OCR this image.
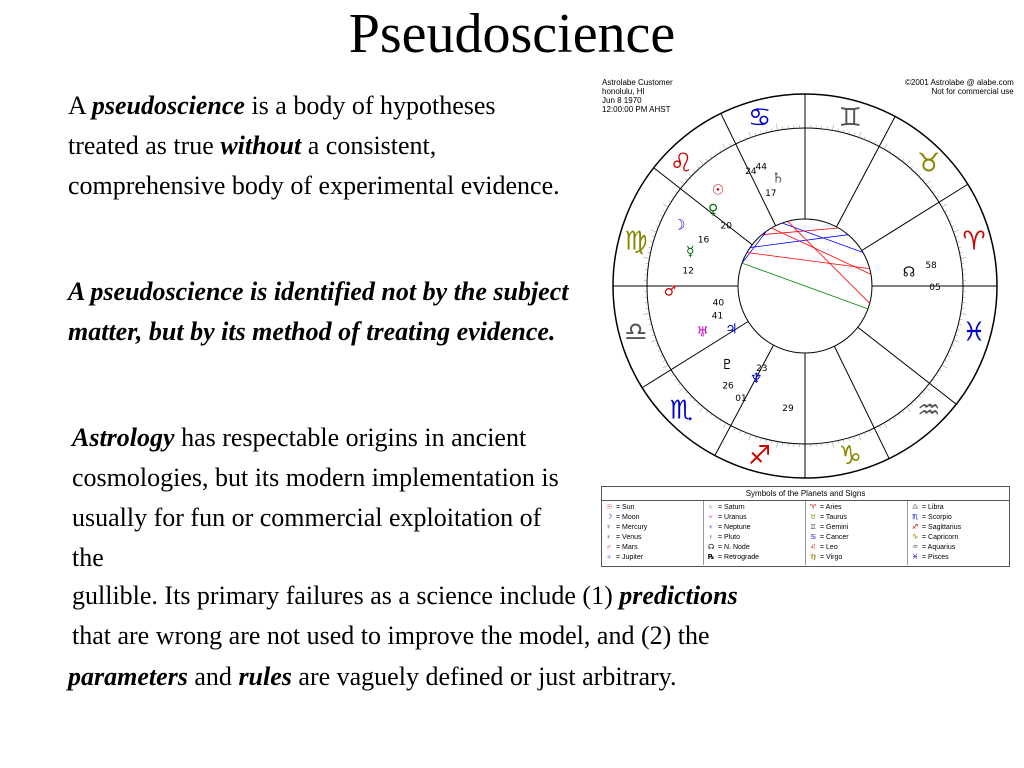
Pseudoscience

A pseudoscience is a body of hypotheses treated as true without a consistent, comprehensive body of experimental evidence.

A pseudoscience is identified not by the subject matter, but by its method of treating evidence.

Astrology has respectable origins in ancient cosmologies, but its modern implementation is usually for fun or commercial exploitation of the

gullible. Its primary failures as a science include (1) predictions
that are wrong are not used to improve the model, and (2) the

parameters and rules are vaguely defined or just arbitrary.

Astrolabe Customer
honolulu, HI
Jun 8 1970
12:00:00 PM AHST
©2001 Astrolabe @ alabe.com
Not for commercial use
♈
♉
♊
♋
♌
♍
♎
♏
♐	♑
♒
♓
☉
☽
☿
♀
♂
♃
♄
♅
♆
♇
☊
01
05
12
16
17
20
23
24
26
29
40
41
44
58
Symbols of the Planets and Signs
☉ = Sun
☽ = Moon
☿ = Mercury
♀ = Venus
♂ = Mars
♃ = Jupiter
♄ = Saturn
♅ = Uranus
♆ = Neptune
♇ = Pluto
☊ = N. Node
℞ = Retrograde
♈ = Aries
♉ = Taurus
♊ = Gemini
♋ = Cancer
♌ = Leo
♍ = Virgo
♎ = Libra
♏ = Scorpio
♐ = Sagittarius
♑ = Capricorn
♒ = Aquarius
♓ = Pisces
